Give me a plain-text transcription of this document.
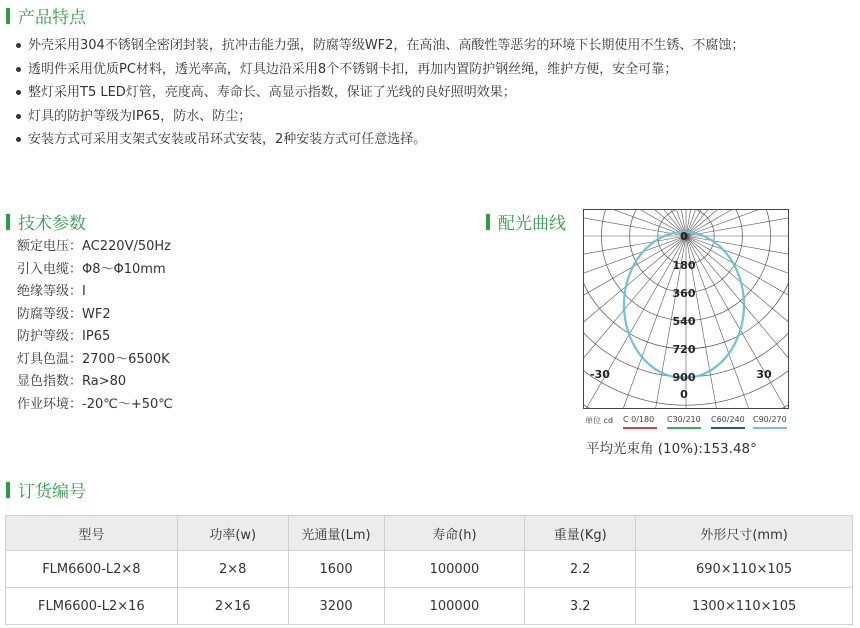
产品特点
外壳采用304不锈钢全密闭封装，抗冲击能力强，防腐等级WF2，在高油、高酸性等恶劣的环境下长期使用不生锈、不腐蚀；
透明件采用优质PC材料，透光率高，灯具边沿采用8个不锈钢卡扣，再加内置防护钢丝绳，维护方便，安全可靠；
整灯采用T5 LED灯管，亮度高、寿命长、高显示指数，保证了光线的良好照明效果；
灯具的防护等级为IP65，防水、防尘；
安装方式可采用支架式安装或吊环式安装，2种安装方式可任意选择。
技术参数
额定电压：AC220V/50Hz
引入电缆：Φ8～Φ10mm
绝缘等级：I
防腐等级：WF2
防护等级：IP65
灯具色温：2700～6500K
显色指数：Ra>80
作业环境：-20℃～+50℃
配光曲线
0
180
360
540
720
900
0
-30	30
单位 cd C 0/180 C30/210 C60/240 C90/270
平均光束角 (10%):153.48°
订货编号
型号	功率(w)	光通量(Lm)	寿命(h)	重量(Kg)	外形尺寸(mm)
FLM6600-L2×8	2×8	1600	100000	2.2	690×110×105
FLM6600-L2×16	2×16	3200	100000	3.2	1300×110×105
